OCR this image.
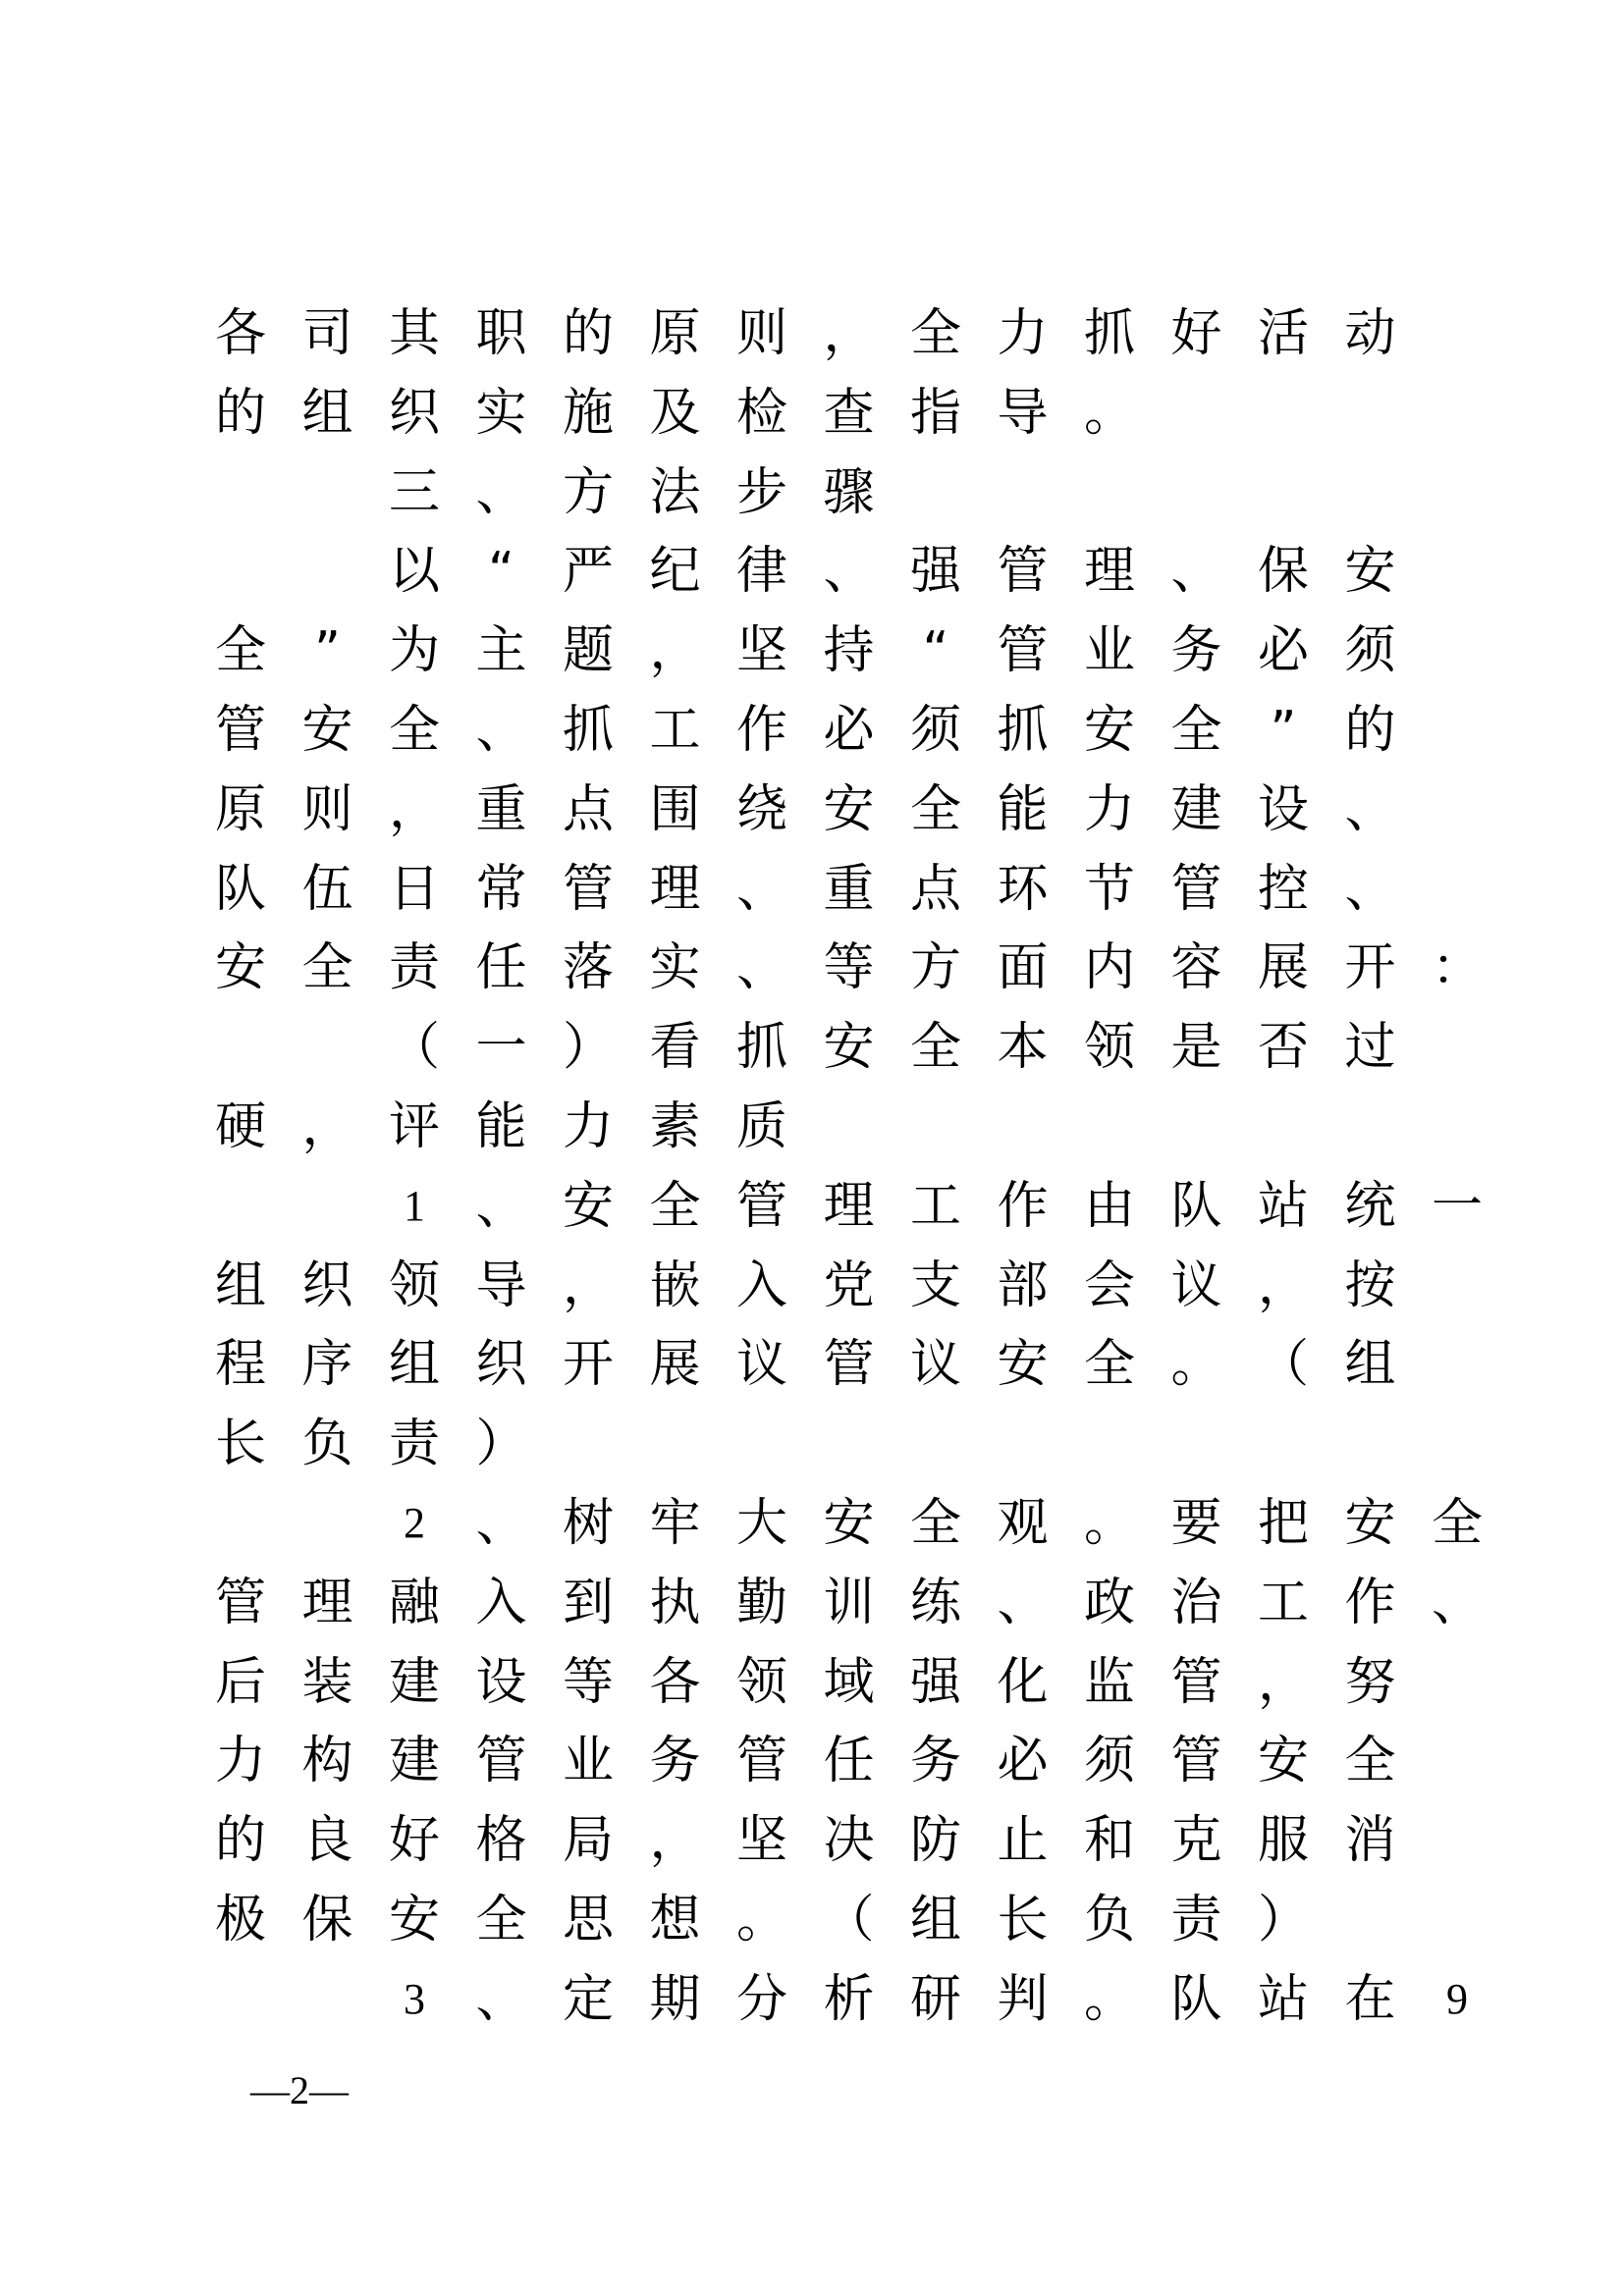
各 司 其 职 的 原 则 ， 全 力 抓 好 活 动
的 组 织 实 施 及 检 查 指 导 。

三 、 方 法 步 骤

以 “ 严 纪 律 、 强 管 理 、 保 安
全 ” 为 主 题 ， 坚 持 “ 管 业 务 必 须
管 安 全 、 抓 工 作 必 须 抓 安 全 ” 的
原 则 ， 重 点 围 绕 安 全 能 力 建 设 、
队 伍 日 常 管 理 、 重 点 环 节 管 控 、
安 全 责 任 落 实 、 等 方 面 内 容 展 开 ：

（ 一 ） 看 抓 安 全 本 领 是 否 过
硬 ， 评 能 力 素 质

1 、 安 全 管 理 工 作 由 队 站 统 一
组 织 领 导 ， 嵌 入 党 支 部 会 议 ， 按
程 序 组 织 开 展 议 管 议 安 全 。 （ 组
长 负 责 ）

2 、 树 牢 大 安 全 观 。 要 把 安 全
管 理 融 入 到 执 勤 训 练 、 政 治 工 作 、
后 装 建 设 等 各 领 域 强 化 监 管 ， 努
力 构 建 管 业 务 管 任 务 必 须 管 安 全
的 良 好 格 局 ， 坚 决 防 止 和 克 服 消
极 保 安 全 思 想 。 （ 组 长 负 责 ）

3 、 定 期 分 析 研 判 。 队 站 在	9
—2—
